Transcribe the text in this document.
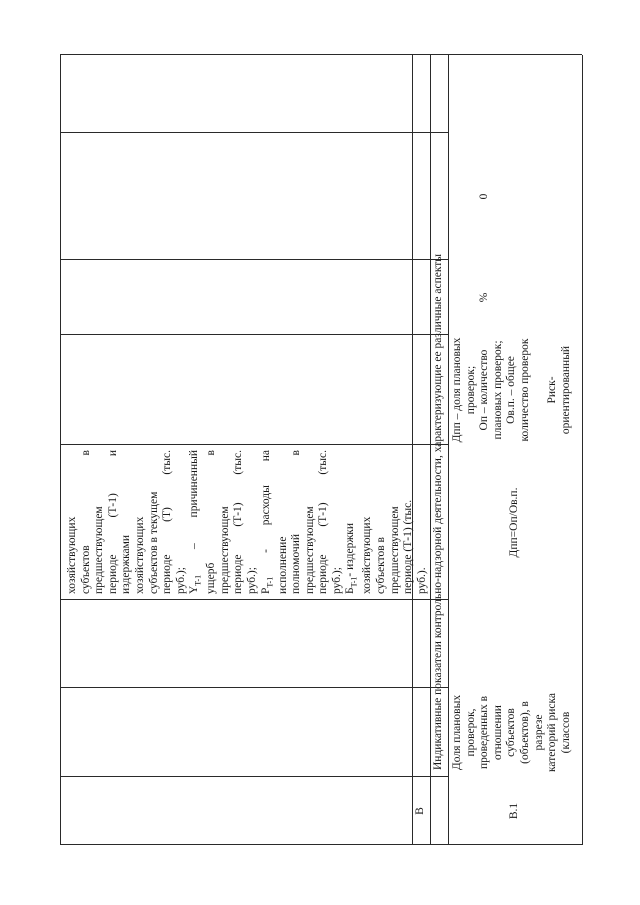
хозяйствующих субъектов
в
предшествующем периоде
(Т-1)
и
издержками хозяйствующих субъектов в текущем периоде
(Т)
(тыс.
руб.); $Y_{T-1}$
–
причиненный
ущерб
в
предшествующем периоде
(Т-1)
(тыс.
руб.); $P_{T-1}$
-
расходы
на
исполнение полномочий
в
предшествующем периоде
(Т-1)
(тыс.
руб.); $Б_{T-1}-$ издержки хозяйствующих субъектов в предшествующем периоде (Т-1) (тыс. руб.).
В
Индикативные показатели контрольно-надзорной деятельности, характеризующие ее различные аспекты
В.1
Доля плановых проверок, проведенных в отношении субъектов (объектов), в разрезе категорий риска (классов
Дпп=Оп/Ов.п.
Дпп – доля плановых проверок; Оп – количество плановых проверок; Ов.п. – общее количество проверок Риск- ориентированный
%
0
